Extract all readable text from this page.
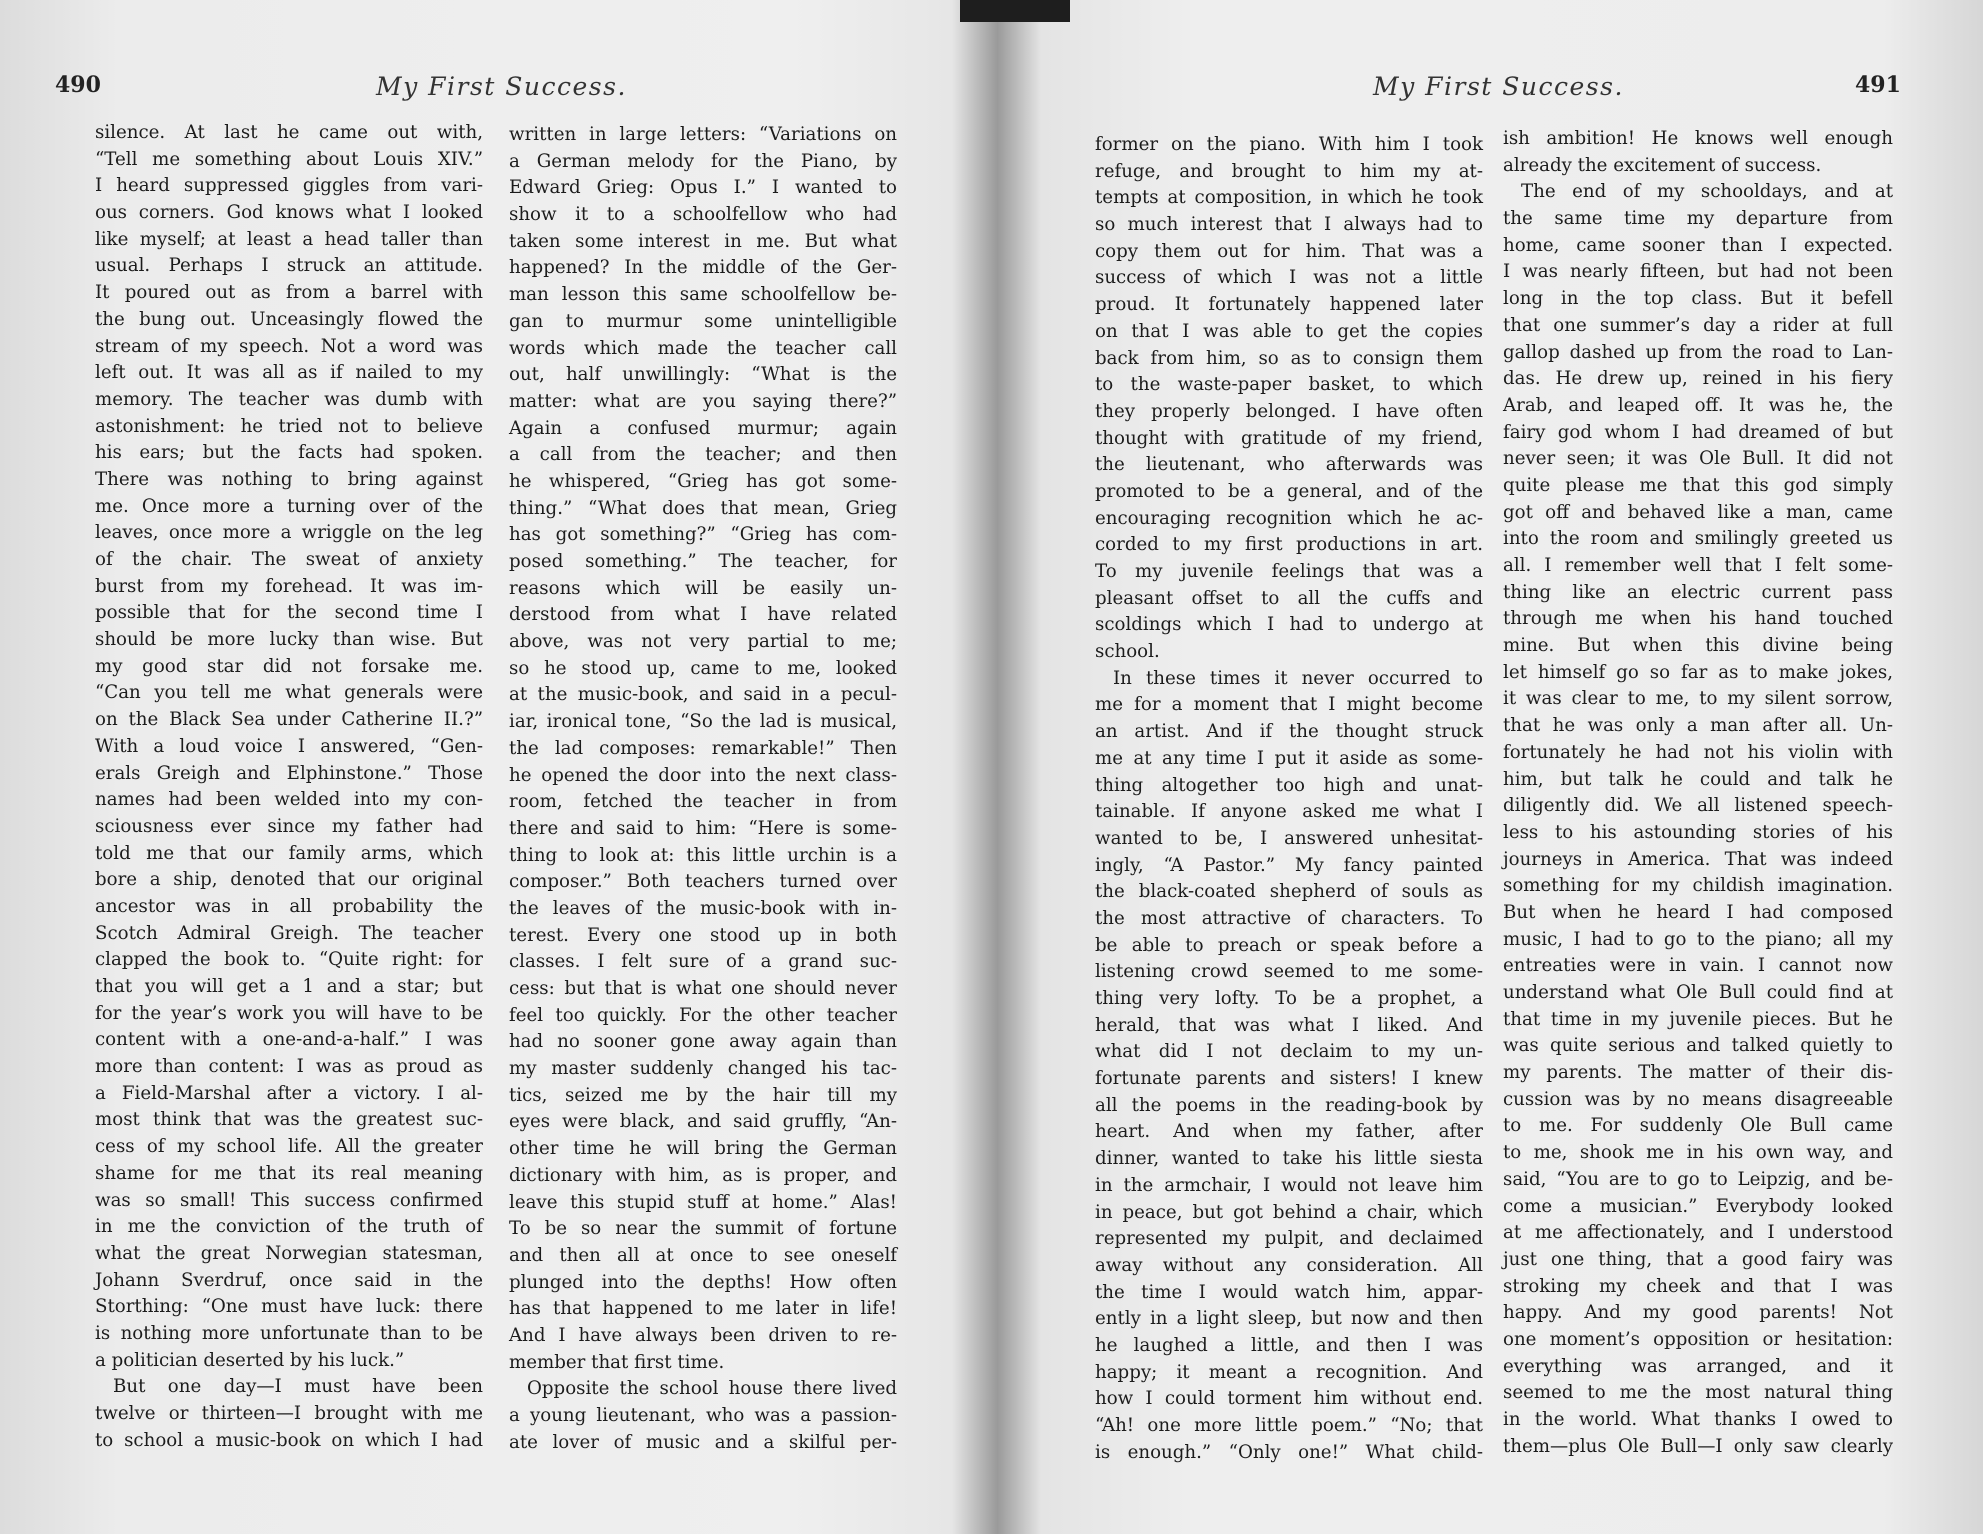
490	My First Success.
silence. At last he came out with,
“Tell me something about Louis XIV.”
I heard suppressed giggles from vari-
ous corners. God knows what I looked
like myself; at least a head taller than
usual. Perhaps I struck an attitude.
It poured out as from a barrel with
the bung out. Unceasingly flowed the
stream of my speech. Not a word was
left out. It was all as if nailed to my
memory. The teacher was dumb with
astonishment: he tried not to believe
his ears; but the facts had spoken.
There was nothing to bring against
me. Once more a turning over of the
leaves, once more a wriggle on the leg
of the chair. The sweat of anxiety
burst from my forehead. It was im-
possible that for the second time I
should be more lucky than wise. But
my good star did not forsake me.
“Can you tell me what generals were
on the Black Sea under Catherine II.?”
With a loud voice I answered, “Gen-
erals Greigh and Elphinstone.” Those
names had been welded into my con-
sciousness ever since my father had
told me that our family arms, which
bore a ship, denoted that our original
ancestor was in all probability the
Scotch Admiral Greigh. The teacher
clapped the book to. “Quite right: for
that you will get a 1 and a star; but
for the year’s work you will have to be
content with a one-and-a-half.” I was
more than content: I was as proud as
a Field-Marshal after a victory. I al-
most think that was the greatest suc-
cess of my school life. All the greater
shame for me that its real meaning
was so small! This success confirmed
in me the conviction of the truth of
what the great Norwegian statesman,
Johann Sverdruf, once said in the
Storthing: “One must have luck: there
is nothing more unfortunate than to be
a politician deserted by his luck.”
But one day—I must have been
twelve or thirteen—I brought with me
to school a music-book on which I had
written in large letters: “Variations on
a German melody for the Piano, by
Edward Grieg: Opus I.” I wanted to
show it to a schoolfellow who had
taken some interest in me. But what
happened? In the middle of the Ger-
man lesson this same schoolfellow be-
gan to murmur some unintelligible
words which made the teacher call
out, half unwillingly: “What is the
matter: what are you saying there?”
Again a confused murmur; again
a call from the teacher; and then
he whispered, “Grieg has got some-
thing.” “What does that mean, Grieg
has got something?” “Grieg has com-
posed something.” The teacher, for
reasons which will be easily un-
derstood from what I have related
above, was not very partial to me;
so he stood up, came to me, looked
at the music-book, and said in a pecul-
iar, ironical tone, “So the lad is musical,
the lad composes: remarkable!” Then
he opened the door into the next class-
room, fetched the teacher in from
there and said to him: “Here is some-
thing to look at: this little urchin is a
composer.” Both teachers turned over
the leaves of the music-book with in-
terest. Every one stood up in both
classes. I felt sure of a grand suc-
cess: but that is what one should never
feel too quickly. For the other teacher
had no sooner gone away again than
my master suddenly changed his tac-
tics, seized me by the hair till my
eyes were black, and said gruffly, “An-
other time he will bring the German
dictionary with him, as is proper, and
leave this stupid stuff at home.” Alas!
To be so near the summit of fortune
and then all at once to see oneself
plunged into the depths! How often
has that happened to me later in life!
And I have always been driven to re-
member that first time.
Opposite the school house there lived
a young lieutenant, who was a passion-
ate lover of music and a skilful per-
My First Success.	491
former on the piano. With him I took
refuge, and brought to him my at-
tempts at composition, in which he took
so much interest that I always had to
copy them out for him. That was a
success of which I was not a little
proud. It fortunately happened later
on that I was able to get the copies
back from him, so as to consign them
to the waste-paper basket, to which
they properly belonged. I have often
thought with gratitude of my friend,
the lieutenant, who afterwards was
promoted to be a general, and of the
encouraging recognition which he ac-
corded to my first productions in art.
To my juvenile feelings that was a
pleasant offset to all the cuffs and
scoldings which I had to undergo at
school.
In these times it never occurred to
me for a moment that I might become
an artist. And if the thought struck
me at any time I put it aside as some-
thing altogether too high and unat-
tainable. If anyone asked me what I
wanted to be, I answered unhesitat-
ingly, “A Pastor.” My fancy painted
the black-coated shepherd of souls as
the most attractive of characters. To
be able to preach or speak before a
listening crowd seemed to me some-
thing very lofty. To be a prophet, a
herald, that was what I liked. And
what did I not declaim to my un-
fortunate parents and sisters! I knew
all the poems in the reading-book by
heart. And when my father, after
dinner, wanted to take his little siesta
in the armchair, I would not leave him
in peace, but got behind a chair, which
represented my pulpit, and declaimed
away without any consideration. All
the time I would watch him, appar-
ently in a light sleep, but now and then
he laughed a little, and then I was
happy; it meant a recognition. And
how I could torment him without end.
“Ah! one more little poem.” “No; that
is enough.” “Only one!” What child-
ish ambition! He knows well enough
already the excitement of success.
The end of my schooldays, and at
the same time my departure from
home, came sooner than I expected.
I was nearly fifteen, but had not been
long in the top class. But it befell
that one summer’s day a rider at full
gallop dashed up from the road to Lan-
das. He drew up, reined in his fiery
Arab, and leaped off. It was he, the
fairy god whom I had dreamed of but
never seen; it was Ole Bull. It did not
quite please me that this god simply
got off and behaved like a man, came
into the room and smilingly greeted us
all. I remember well that I felt some-
thing like an electric current pass
through me when his hand touched
mine. But when this divine being
let himself go so far as to make jokes,
it was clear to me, to my silent sorrow,
that he was only a man after all. Un-
fortunately he had not his violin with
him, but talk he could and talk he
diligently did. We all listened speech-
less to his astounding stories of his
journeys in America. That was indeed
something for my childish imagination.
But when he heard I had composed
music, I had to go to the piano; all my
entreaties were in vain. I cannot now
understand what Ole Bull could find at
that time in my juvenile pieces. But he
was quite serious and talked quietly to
my parents. The matter of their dis-
cussion was by no means disagreeable
to me. For suddenly Ole Bull came
to me, shook me in his own way, and
said, “You are to go to Leipzig, and be-
come a musician.” Everybody looked
at me affectionately, and I understood
just one thing, that a good fairy was
stroking my cheek and that I was
happy. And my good parents! Not
one moment’s opposition or hesitation:
everything was arranged, and it
seemed to me the most natural thing
in the world. What thanks I owed to
them—plus Ole Bull—I only saw clearly
